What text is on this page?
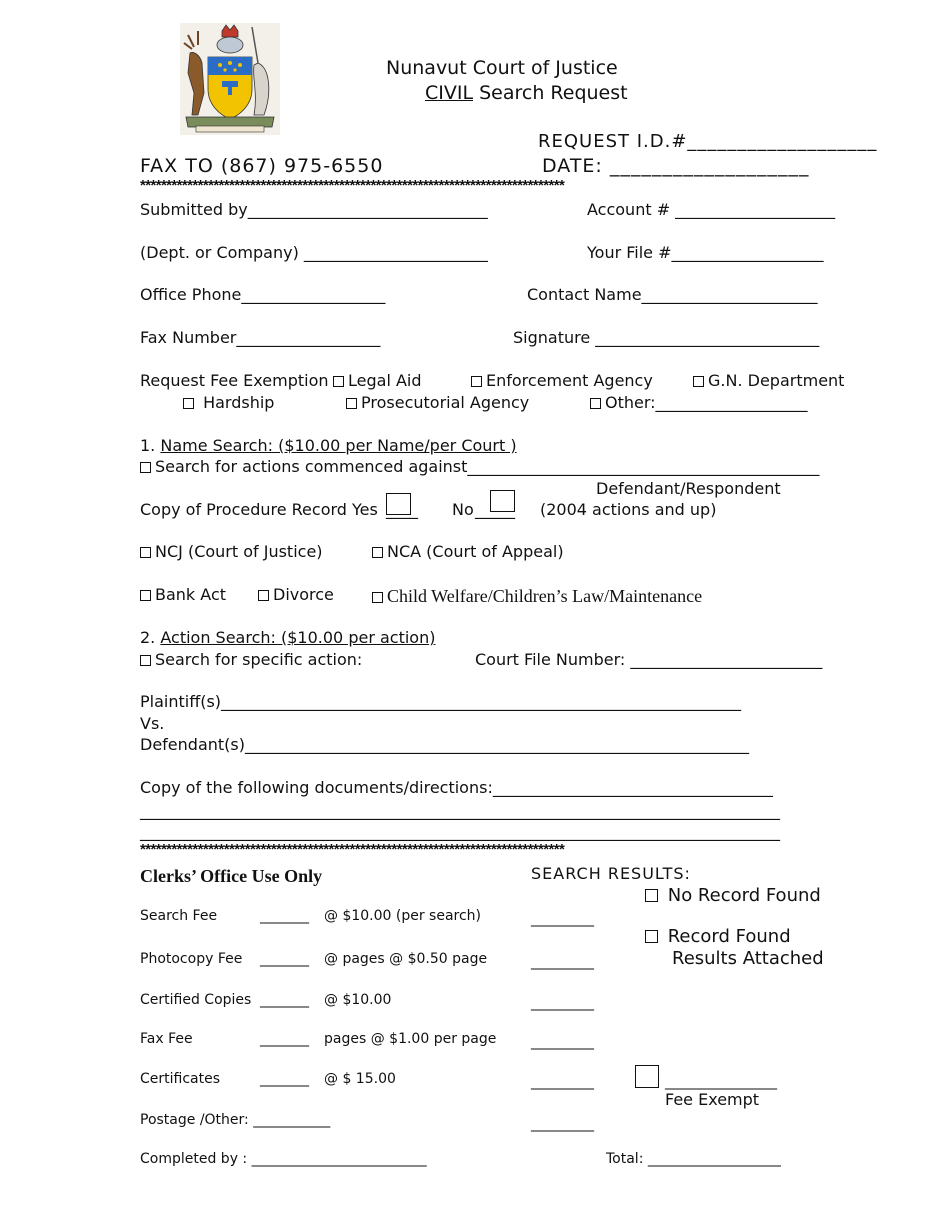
Nunavut Court of Justice
CIVIL Search Request
REQUEST I.D.#___________________
FAX TO (867) 975-6550	DATE: ___________________
*********************************************************************************
Submitted by______________________________	Account # ____________________
(Dept. or Company) _______________________	Your File #___________________
Office Phone__________________	Contact Name______________________
Fax Number__________________	Signature ____________________________
Request Fee Exemption	Legal Aid	Enforcement Agency	G.N. Department
Hardship	Prosecutorial Agency	Other:___________________
1. Name Search: ($10.00 per Name/per Court )
Search for actions commenced against____________________________________________
Defendant/Respondent
Copy of Procedure Record Yes ____ No _____ (2004 actions and up)
NCJ (Court of Justice)	NCA (Court of Appeal)
Bank Act	Divorce	Child Welfare/Children’s Law/Maintenance
2. Action Search: ($10.00 per action)
Search for specific action:	Court File Number: ________________________
Plaintiff(s)_________________________________________________________________
Vs.
Defendant(s)_______________________________________________________________
Copy of the following documents/directions:___________________________________
________________________________________________________________________________
________________________________________________________________________________
*********************************************************************************
Clerks’ Office Use Only	SEARCH RESULTS:
No Record Found
Record Found
Results Attached
Search Fee	_______ @ $10.00 (per search)	_________
Photocopy Fee _______ @ pages @ $0.50 page	_________
Certified Copies _______ @ $10.00	_________
Fax Fee	_______ pages @ $1.00 per page _________
Certificates	_______ @ $ 15.00	_________
Postage /Other: ___________	_________
________________
Fee Exempt
Completed by : _________________________	Total: ___________________
